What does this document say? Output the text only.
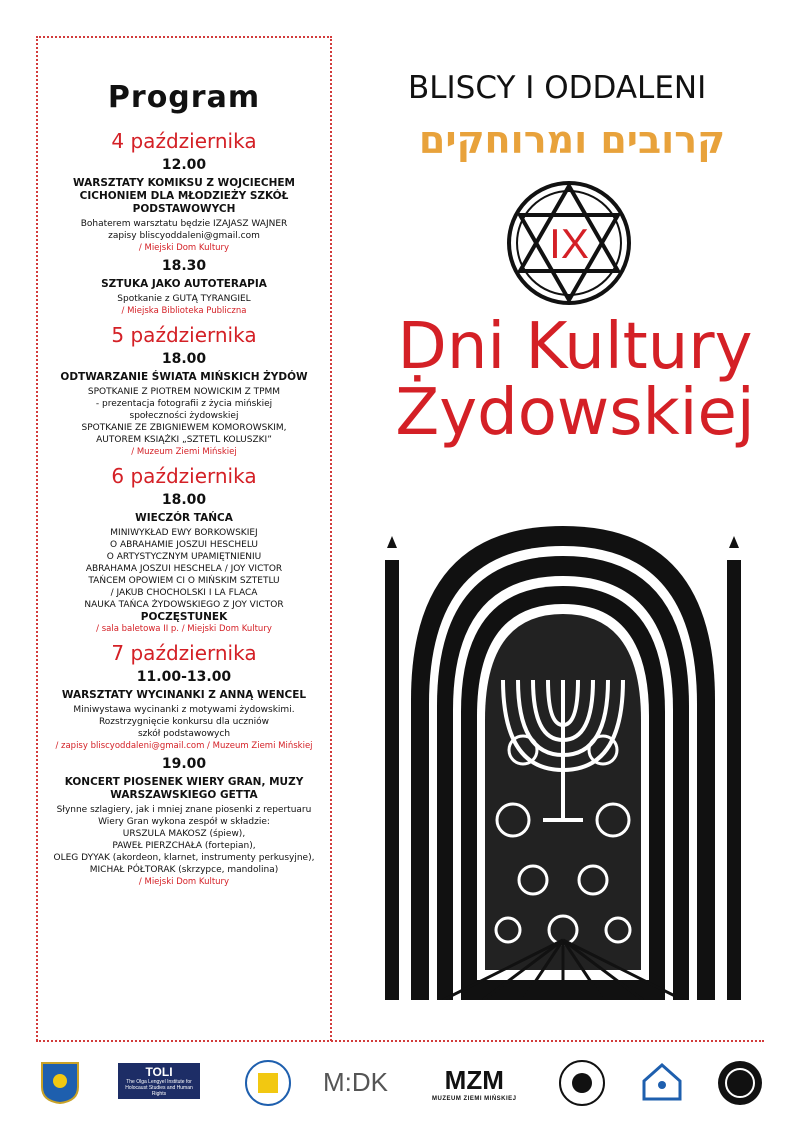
Program
4 października
12.00
WARSZTATY KOMIKSU Z WOJCIECHEM CICHONIEM DLA MŁODZIEŻY SZKÓŁ PODSTAWOWYCH

Bohaterem warsztatu będzie IZAJASZ WAJNER

zapisy bliscyoddaleni@gmail.com

/ Miejski Dom Kultury

18.30
SZTUKA JAKO AUTOTERAPIA

Spotkanie z GUTĄ TYRANGIEL

/ Miejska Biblioteka Publiczna

5 października
18.00
ODTWARZANIE ŚWIATA MIŃSKICH ŻYDÓW

SPOTKANIE Z PIOTREM NOWICKIM Z TPMM

- prezentacja fotografii z życia mińskiej

społeczności żydowskiej

SPOTKANIE ZE ZBIGNIEWEM KOMOROWSKIM,

AUTOREM KSIĄŻKI „SZTETL KOLUSZKI”

/ Muzeum Ziemi Mińskiej

6 października
18.00
WIECZÓR TAŃCA

MINIWYKŁAD EWY BORKOWSKIEJ

O ABRAHAMIE JOSZUI HESCHELU

O ARTYSTYCZNYM UPAMIĘTNIENIU

ABRAHAMA JOSZUI HESCHELA / JOY VICTOR

TAŃCEM OPOWIEM CI O MIŃSKIM SZTETLU

/ JAKUB CHOCHOLSKI I LA FLACA

NAUKA TAŃCA ŻYDOWSKIEGO Z JOY VICTOR

POCZĘSTUNEK

/ sala baletowa II p. / Miejski Dom Kultury

7 października
11.00-13.00
WARSZTATY WYCINANKI Z ANNĄ WENCEL

Miniwystawa wycinanki z motywami żydowskimi.

Rozstrzygnięcie konkursu dla uczniów

szkół podstawowych

/ zapisy bliscyoddaleni@gmail.com / Muzeum Ziemi Mińskiej

19.00
KONCERT PIOSENEK WIERY GRAN, MUZY WARSZAWSKIEGO GETTA

Słynne szlagiery, jak i mniej znane piosenki z repertuaru

Wiery Gran wykona zespół w składzie:

URSZULA MAKOSZ (śpiew),

PAWEŁ PIERZCHAŁA (fortepian),

OLEG DYYAK (akordeon, klarnet, instrumenty perkusyjne),

MICHAŁ PÓŁTORAK (skrzypce, mandolina)

/ Miejski Dom Kultury

BLISCY I ODDALENI
קרובים ומרוחקים
IX
Dni Kultury
Żydowskiej
TOLI
The Olga Lengyel Institute for Holocaust Studies and Human Rights	M:DK MZM
MUZEUM ZIEMI MIŃSKIEJ
